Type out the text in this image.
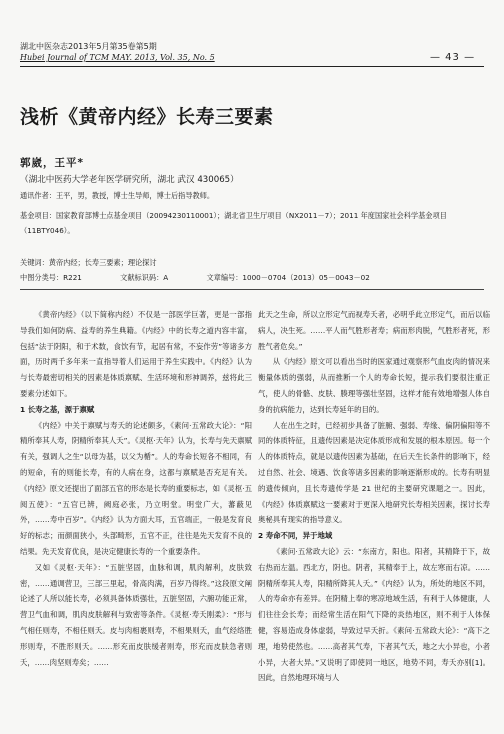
湖北中医杂志2013年5月第35卷第5期
Hubei Journal of TCM MAY. 2013, Vol. 35, No. 5	— 43 —
浅析《黄帝内经》长寿三要素
郭崴，王平*
（湖北中医药大学老年医学研究所，湖北 武汉 430065）
通讯作者：王平，男，教授，博士生导师，博士后指导教师。
基金项目：国家教育部博士点基金项目（20094230110001）；湖北省卫生厅项目（NX2011－7）；2011 年度国家社会科学基金项目（11BTY046）。
关键词：黄帝内经；长寿三要素；理论探讨
中图分类号：R221	文献标识码：A	文章编号：1000－0704（2013）05－0043－02

《黄帝内经》（以下简称内经）不仅是一部医学巨著，更是一部指导我们如何防病、益寿的养生典籍。《内经》中的长寿之道内容丰富，包括“法于阴阳，和于术数，食饮有节，起居有常，不妄作劳”等诸多方面，历时两千多年来一直指导着人们运用于养生实践中。《内经》认为与长寿最密切相关的因素是体质禀赋、生活环境和形神调养，兹将此三要素分述如下。

1 长寿之基，源于禀赋

《内经》中关于禀赋与寿夭的论述颇多，《素问·五常政大论》：“阳精所奉其人寿，阴精所奉其人夭”。《灵枢·天年》认为，长寿与先天禀赋有关，强调人之生“以母为基，以父为楯”。人的寿命长短各不相同，有的短命，有的则能长寿，有的人病在身，这都与禀赋是否充足有关。《内经》原文还提出了面部五官的形态是长寿的重要标志，如《灵枢·五阅五使》：“五官已辨，阙庭必张，乃立明堂。明堂广大，蕃蔽见外，……寿中百岁”。《内经》认为方面大耳，五官端正，一般是发育良好的标志；而颜面狭小，头部畸形，五官不正，往往是先天发育不良的结果。先天发育优良，是决定健康长寿的一个重要条件。

又如《灵枢·天年》：“五脏坚固，血脉和调，肌肉解利，皮肤致密，……通调营卫，三部三里起，骨高肉满，百岁乃得终。”这段原文阐论述了人所以能长寿，必须具备体质强壮，五脏坚固，六腑功能正常，营卫气血和调，肌肉皮肤解利与致密等条件。《灵枢·寿夭刚柔》：“形与气相任则寿，不相任则夭。皮与肉相裹则寿，不相果则夭，血气经络胜形则寿，不胜形则夭。……形充而皮肤缓者则寿，形充而皮肤急者则夭，……肉坚则寿矣；……

此天之生命，所以立形定气而视寿夭者，必明乎此立形定气，而后以临病人，决生死。……平人而气胜形者寿；病而形肉脱，气胜形者死，形胜气者危矣。”

从《内经》原文可以看出当时的医家通过观察形气血皮肉的情况来衡量体质的强弱，从而推断一个人的寿命长短，提示我们要很注重正气，使人的骨骼、皮肤、腠理等强壮坚固，这样才能有效地增强人体自身的抗病能力，达到长寿延年的目的。

人在出生之时，已经初步具备了脏腑、强弱、寿缘、偏阴偏阳等不同的体质特征，且遗传因素是决定体质形成和发展的根本原因。每一个人的体质特点，就是以遗传因素为基础，在后天生长条件的影响下，经过自然、社会、境遇、饮食等诸多因素的影响逐渐形成的。长寿有明显的遗传倾向，且长寿遗传学是 21 世纪的主要研究课题之一。因此，《内经》体质禀赋这一要素对于更深入地研究长寿相关因素，探讨长寿奥秘具有现实的指导意义。

2 寿命不同，异于地域

《素问·五常政大论》云：“东南方，阳也。阳者，其精降于下，故右热而左温。西北方，阴也。阴者，其精奉于上，故左寒而右凉。……阴精所奉其人寿，阳精所降其人夭。”《内经》认为，所处的地区不同，人的寿命亦有差异。在阴精上奉的寒凉地域生活，有利于人体健康，人们往往会长寿；而经常生活在阳气下降的炎热地区，则不利于人体保健，容易造成身体虚弱，导致过早夭折。《素问·五常政大论》：“高下之理，地势使然也。……高者其气寿，下者其气夭，地之大小异也，小者小异，大者大异。”又说明了即使同一地区，地势不同，寿夭亦别[1]。因此，自然地理环境与人
